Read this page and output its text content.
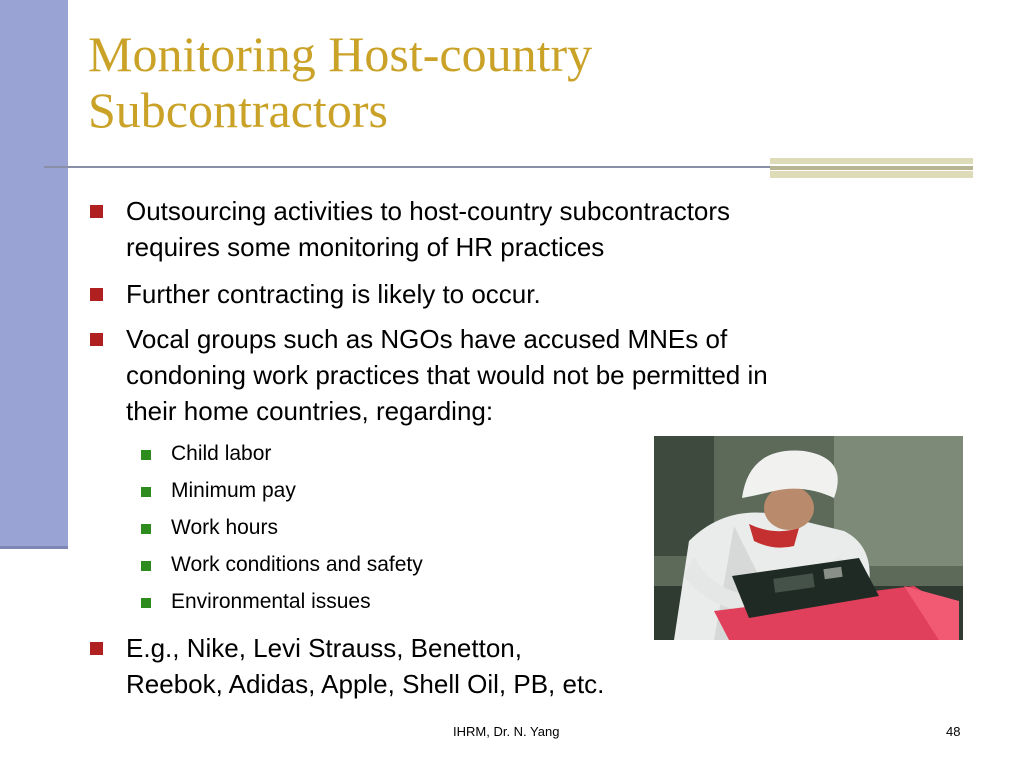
Monitoring Host-country
Subcontractors
Outsourcing activities to host-country subcontractors
requires some monitoring of HR practices
Further contracting is likely to occur.
Vocal groups such as NGOs have accused MNEs of
condoning work practices that would not be permitted in
their home countries, regarding:
Child labor
Minimum pay
Work hours
Work conditions and safety
Environmental issues
E.g., Nike, Levi Strauss, Benetton,
Reebok, Adidas, Apple, Shell Oil, PB, etc.
IHRM, Dr. N. Yang	48
